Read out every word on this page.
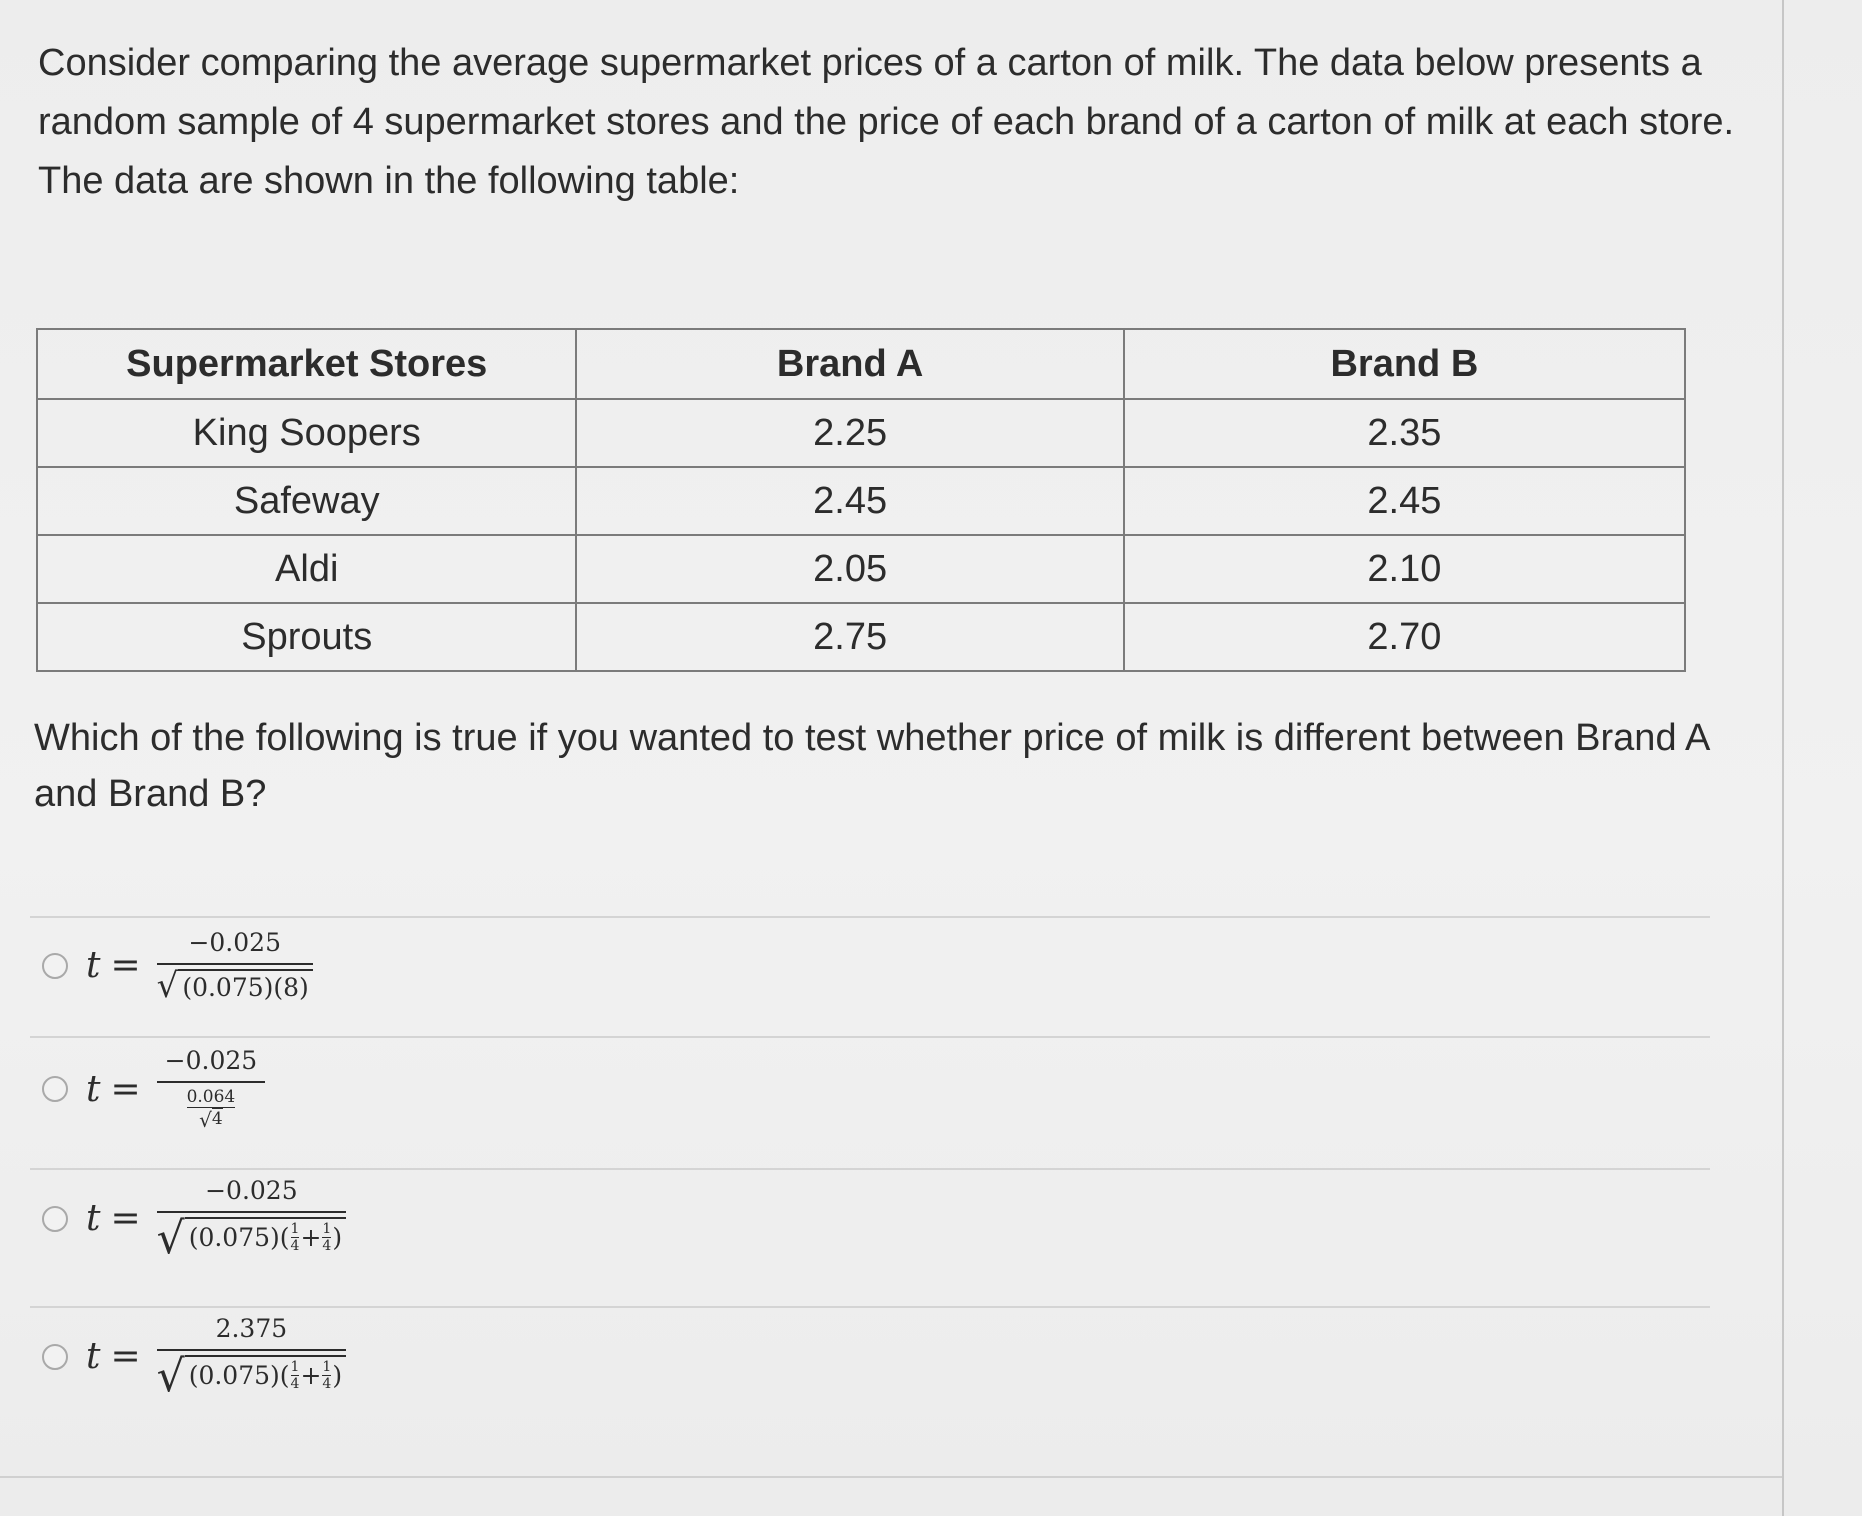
Consider comparing the average supermarket prices of a carton of milk. The data below presents a random sample of 4 supermarket stores and the price of each brand of a carton of milk at each store. The data are shown in the following table:

Supermarket Stores	Brand A	Brand B
King Soopers	2.25	2.35
Safeway	2.45	2.45
Aldi	2.05	2.10
Sprouts	2.75	2.70

Which of the following is true if you wanted to test whether price of milk is different between Brand A and Brand B?

$t = \frac{-0.025}{√ (0.075)(8)}$
t =
−0.025
$\frac{0.064}{√ 4}$
t =
−0.025
√ $(0.075)( \frac{1}{4} + \frac{1}{4}$ )
t =
2.375
√ $(0.075)( \frac{1}{4} + \frac{1}{4}$ )
